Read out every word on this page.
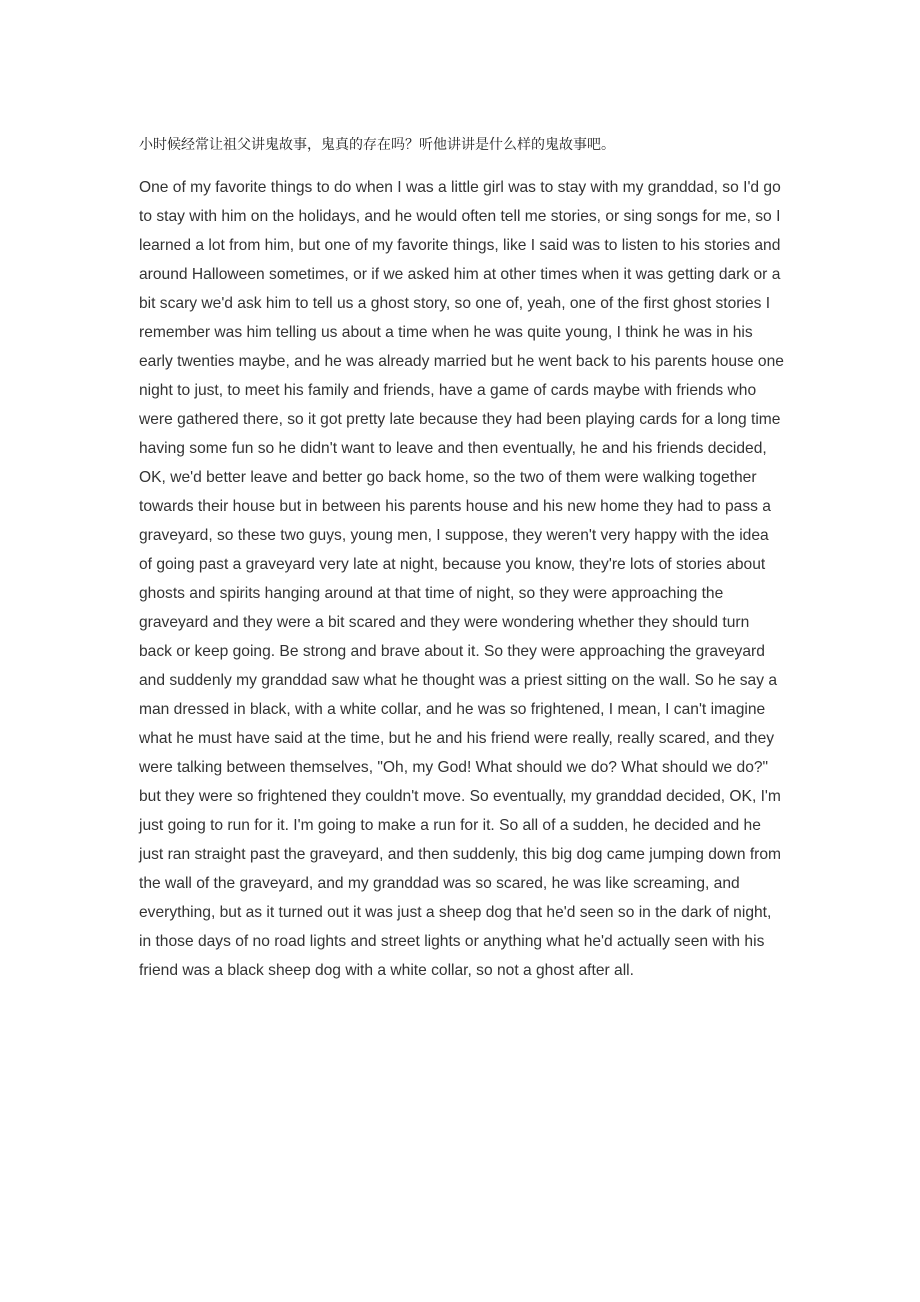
小时候经常让祖父讲鬼故事，鬼真的存在吗？听他讲讲是什么样的鬼故事吧。

One of my favorite things to do when I was a little girl was to stay with my granddad, so I'd go to stay with him on the holidays, and he would often tell me stories, or sing songs for me, so I learned a lot from him, but one of my favorite things, like I said was to listen to his stories and around Halloween sometimes, or if we asked him at other times when it was getting dark or a bit scary we'd ask him to tell us a ghost story, so one of, yeah, one of the first ghost stories I remember was him telling us about a time when he was quite young, I think he was in his early twenties maybe, and he was already married but he went back to his parents house one night to just, to meet his family and friends, have a game of cards maybe with friends who were gathered there, so it got pretty late because they had been playing cards for a long time having some fun so he didn't want to leave and then eventually, he and his friends decided, OK, we'd better leave and better go back home, so the two of them were walking together towards their house but in between his parents house and his new home they had to pass a graveyard, so these two guys, young men, I suppose, they weren't very happy with the idea of going past a graveyard very late at night, because you know, they're lots of stories about ghosts and spirits hanging around at that time of night, so they were approaching the graveyard and they were a bit scared and they were wondering whether they should turn back or keep going. Be strong and brave about it. So they were approaching the graveyard and suddenly my granddad saw what he thought was a priest sitting on the wall. So he say a man dressed in black, with a white collar, and he was so frightened, I mean, I can't imagine what he must have said at the time, but he and his friend were really, really scared, and they were talking between themselves, "Oh, my God! What should we do? What should we do?" but they were so frightened they couldn't move. So eventually, my granddad decided, OK, I'm just going to run for it. I'm going to make a run for it. So all of a sudden, he decided and he just ran straight past the graveyard, and then suddenly, this big dog came jumping down from the wall of the graveyard, and my granddad was so scared, he was like screaming, and everything, but as it turned out it was just a sheep dog that he'd seen so in the dark of night, in those days of no road lights and street lights or anything what he'd actually seen with his friend was a black sheep dog with a white collar, so not a ghost after all.
